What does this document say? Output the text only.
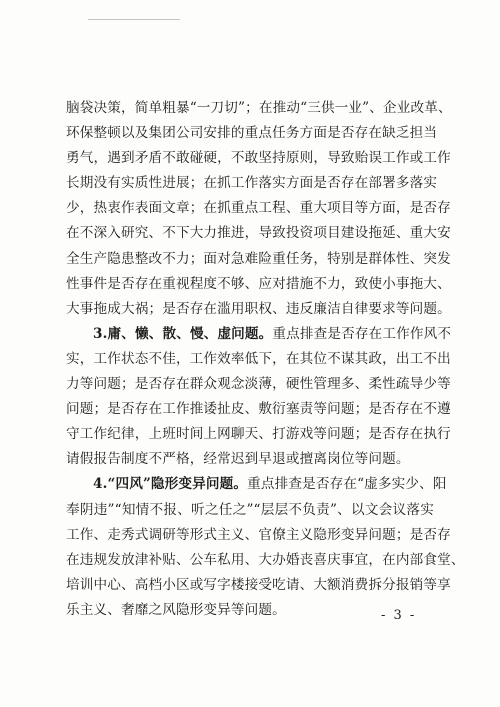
脑袋决策，简单粗暴“一刀切”；在推动“三供一业”、企业改革、
环保整顿以及集团公司安排的重点任务方面是否存在缺乏担当
勇气，遇到矛盾不敢碰硬，不敢坚持原则，导致贻误工作或工作
长期没有实质性进展；在抓工作落实方面是否存在部署多落实
少，热衷作表面文章；在抓重点工程、重大项目等方面，是否存
在不深入研究、不下大力推进，导致投资项目建设拖延、重大安
全生产隐患整改不力；面对急难险重任务，特别是群体性、突发
性事件是否存在重视程度不够、应对措施不力，致使小事拖大、
大事拖成大祸；是否存在滥用职权、违反廉洁自律要求等问题。
3.庸、懒、散、慢、虚问题。重点排查是否存在工作作风不
实，工作状态不佳，工作效率低下，在其位不谋其政，出工不出
力等问题；是否存在群众观念淡薄，硬性管理多、柔性疏导少等
问题；是否存在工作推诿扯皮、敷衍塞责等问题；是否存在不遵
守工作纪律，上班时间上网聊天、打游戏等问题；是否存在执行
请假报告制度不严格，经常迟到早退或擅离岗位等问题。
4.“四风”隐形变异问题。重点排查是否存在“虚多实少、阳
奉阴违”“知情不报、听之任之”“层层不负责”、以文会议落实
工作、走秀式调研等形式主义、官僚主义隐形变异问题；是否存
在违规发放津补贴、公车私用、大办婚丧喜庆事宜，在内部食堂、
培训中心、高档小区或写字楼接受吃请、大额消费拆分报销等享
乐主义、奢靡之风隐形变异等问题。	- 3 -
